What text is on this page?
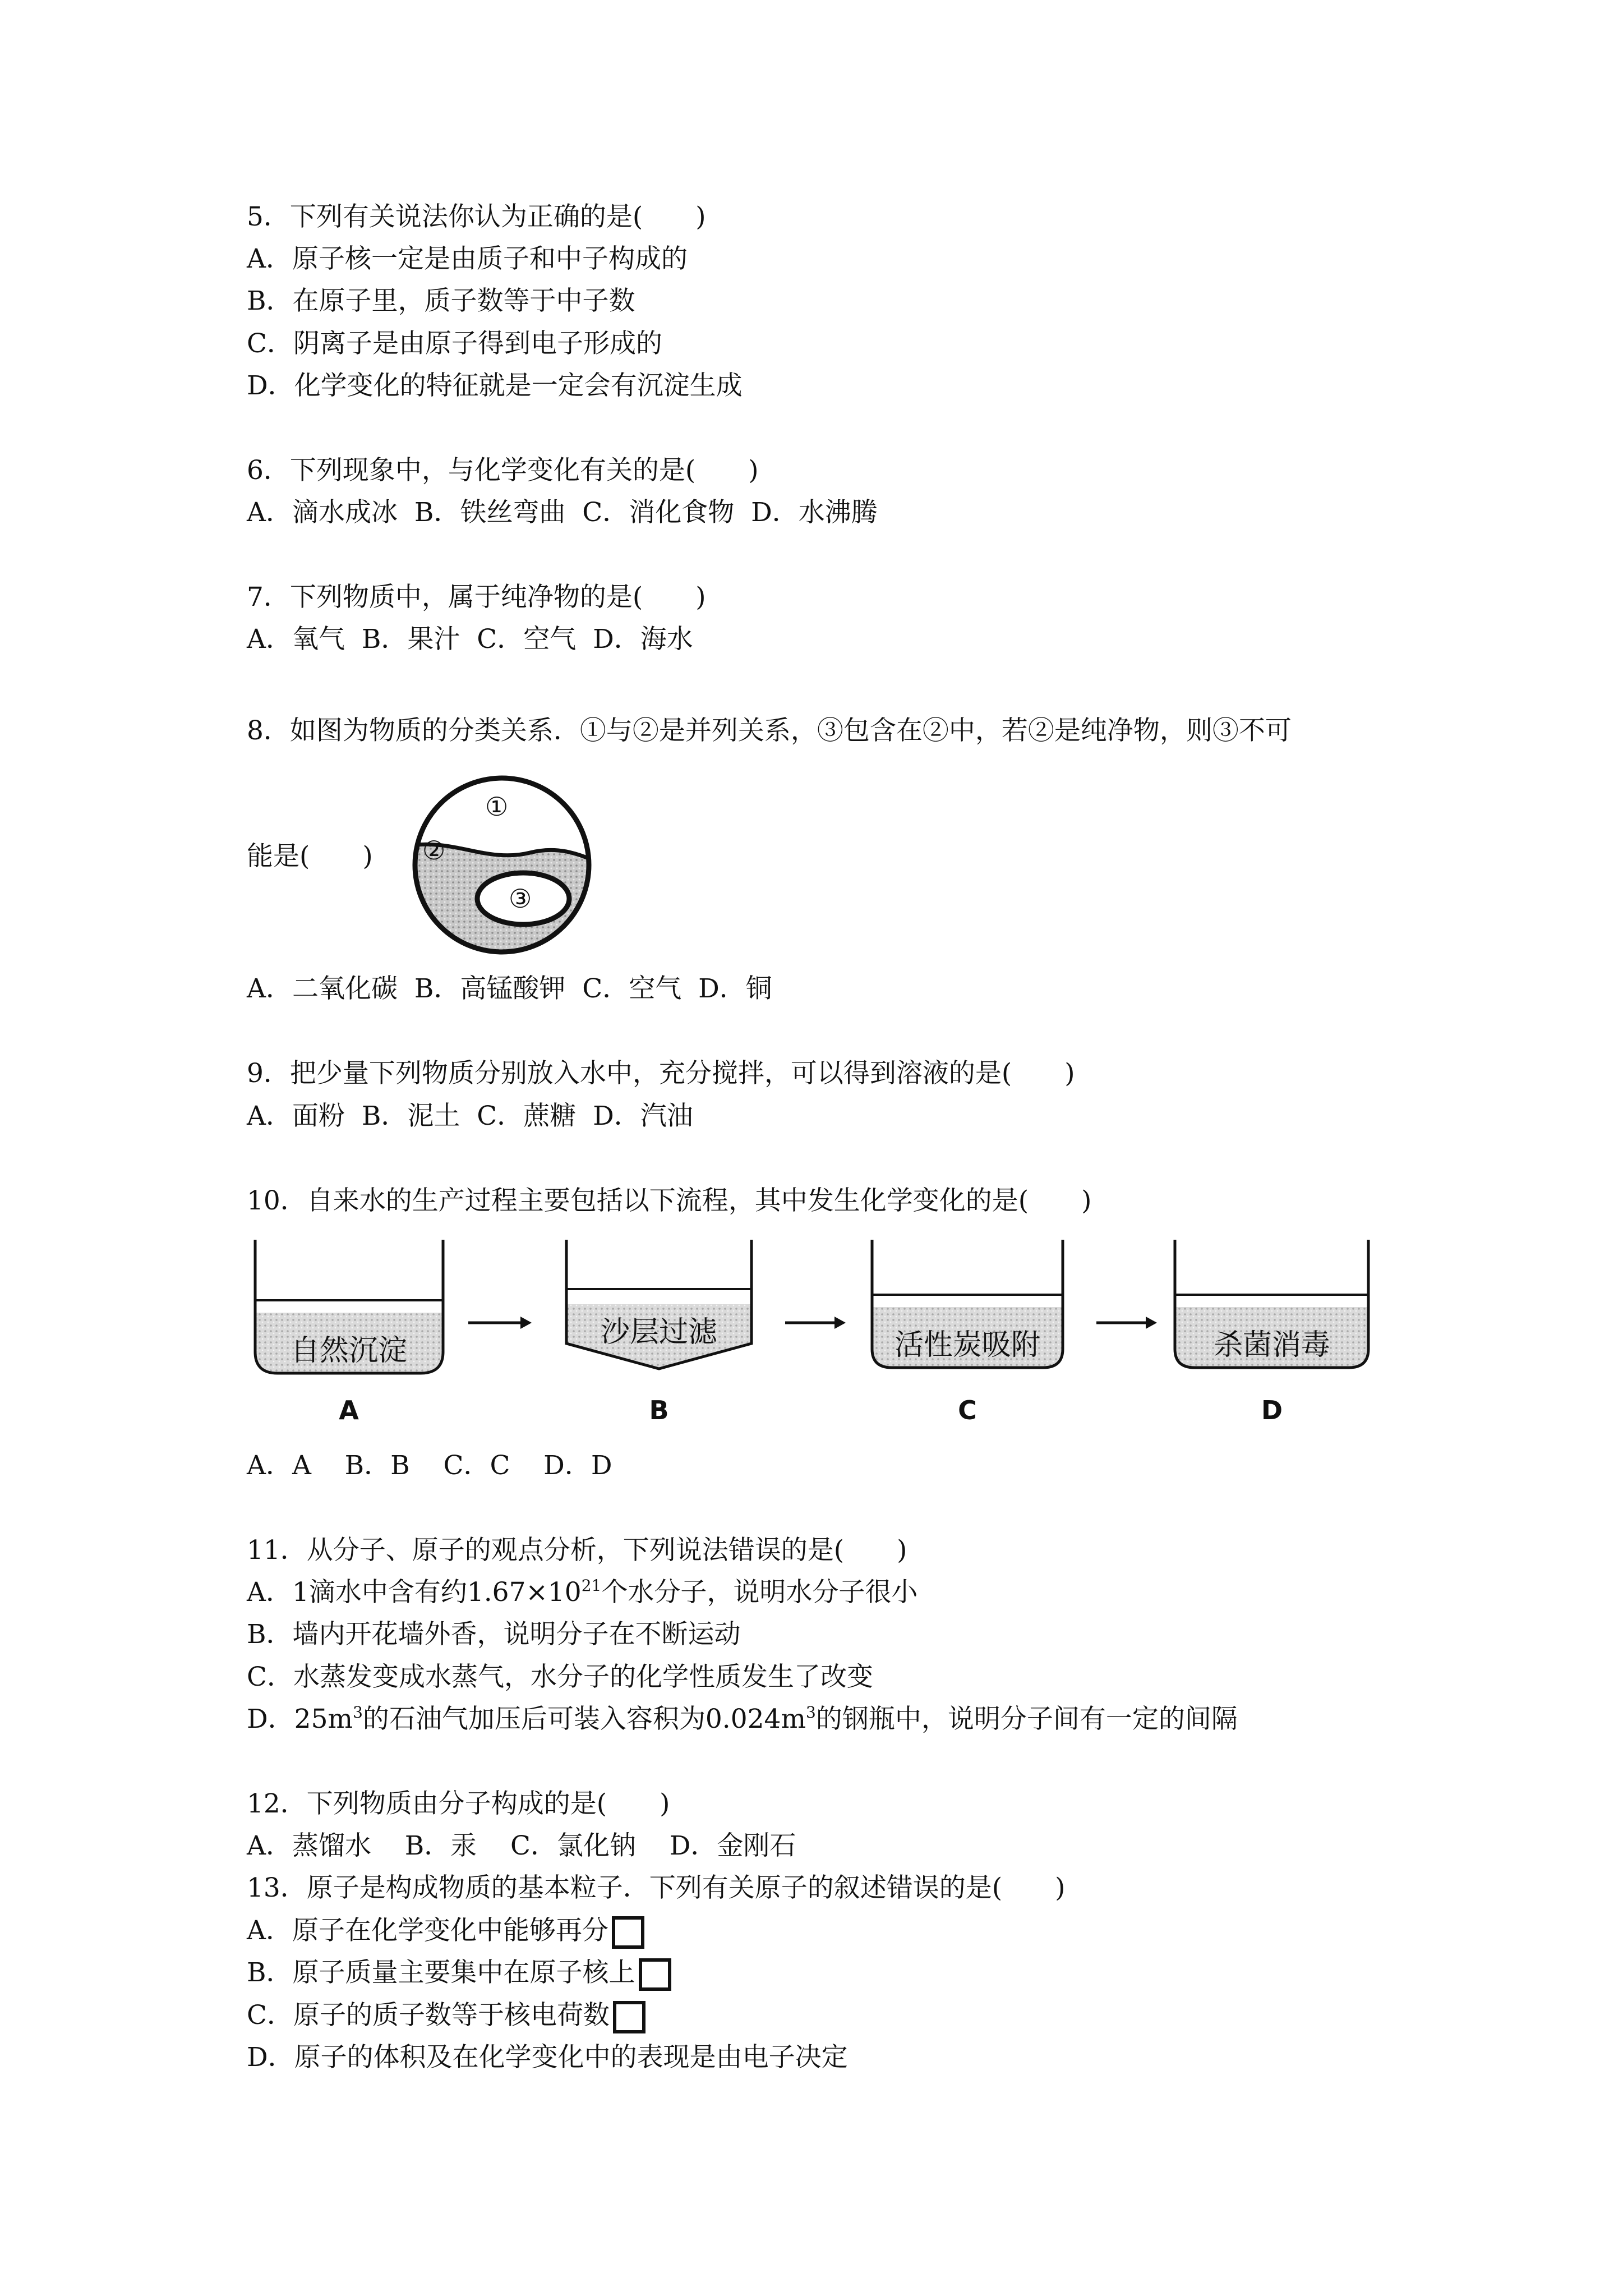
5．下列有关说法你认为正确的是(　　)
A．原子核一定是由质子和中子构成的
B．在原子里，质子数等于中子数
C．阴离子是由原子得到电子形成的
D．化学变化的特征就是一定会有沉淀生成
6．下列现象中，与化学变化有关的是(　　)
A．滴水成冰  B．铁丝弯曲  C．消化食物  D．水沸腾
7．下列物质中，属于纯净物的是(　　)
A．氧气  B．果汁  C．空气  D．海水
8．如图为物质的分类关系．①与②是并列关系，③包含在②中，若②是纯净物，则③不可
能是(　　)
①
②
③
A．二氧化碳  B．高锰酸钾  C．空气  D．铜
9．把少量下列物质分别放入水中，充分搅拌，可以得到溶液的是(　　)
A．面粉  B．泥土  C．蔗糖  D．汽油
10．自来水的生产过程主要包括以下流程，其中发生化学变化的是(　　)
自然沉淀
A
沙层过滤
B
活性炭吸附
C
杀菌消毒
D
A．A    B．B    C．C    D．D
11．从分子、原子的观点分析，下列说法错误的是(　　)
A．1滴水中含有约$1.67\times 10^{21}$个水分子，说明水分子很小
B．墙内开花墙外香，说明分子在不断运动
C．水蒸发变成水蒸气，水分子的化学性质发生了改变
D．$25m^3$的石油气加压后可装入容积为$0.024m^3$的钢瓶中，说明分子间有一定的间隔
12．下列物质由分子构成的是(　　)
A．蒸馏水    B．汞    C．氯化钠    D．金刚石
13．原子是构成物质的基本粒子．下列有关原子的叙述错误的是(　　)
A．原子在化学变化中能够再分
B．原子质量主要集中在原子核上
C．原子的质子数等于核电荷数
D．原子的体积及在化学变化中的表现是由电子决定
